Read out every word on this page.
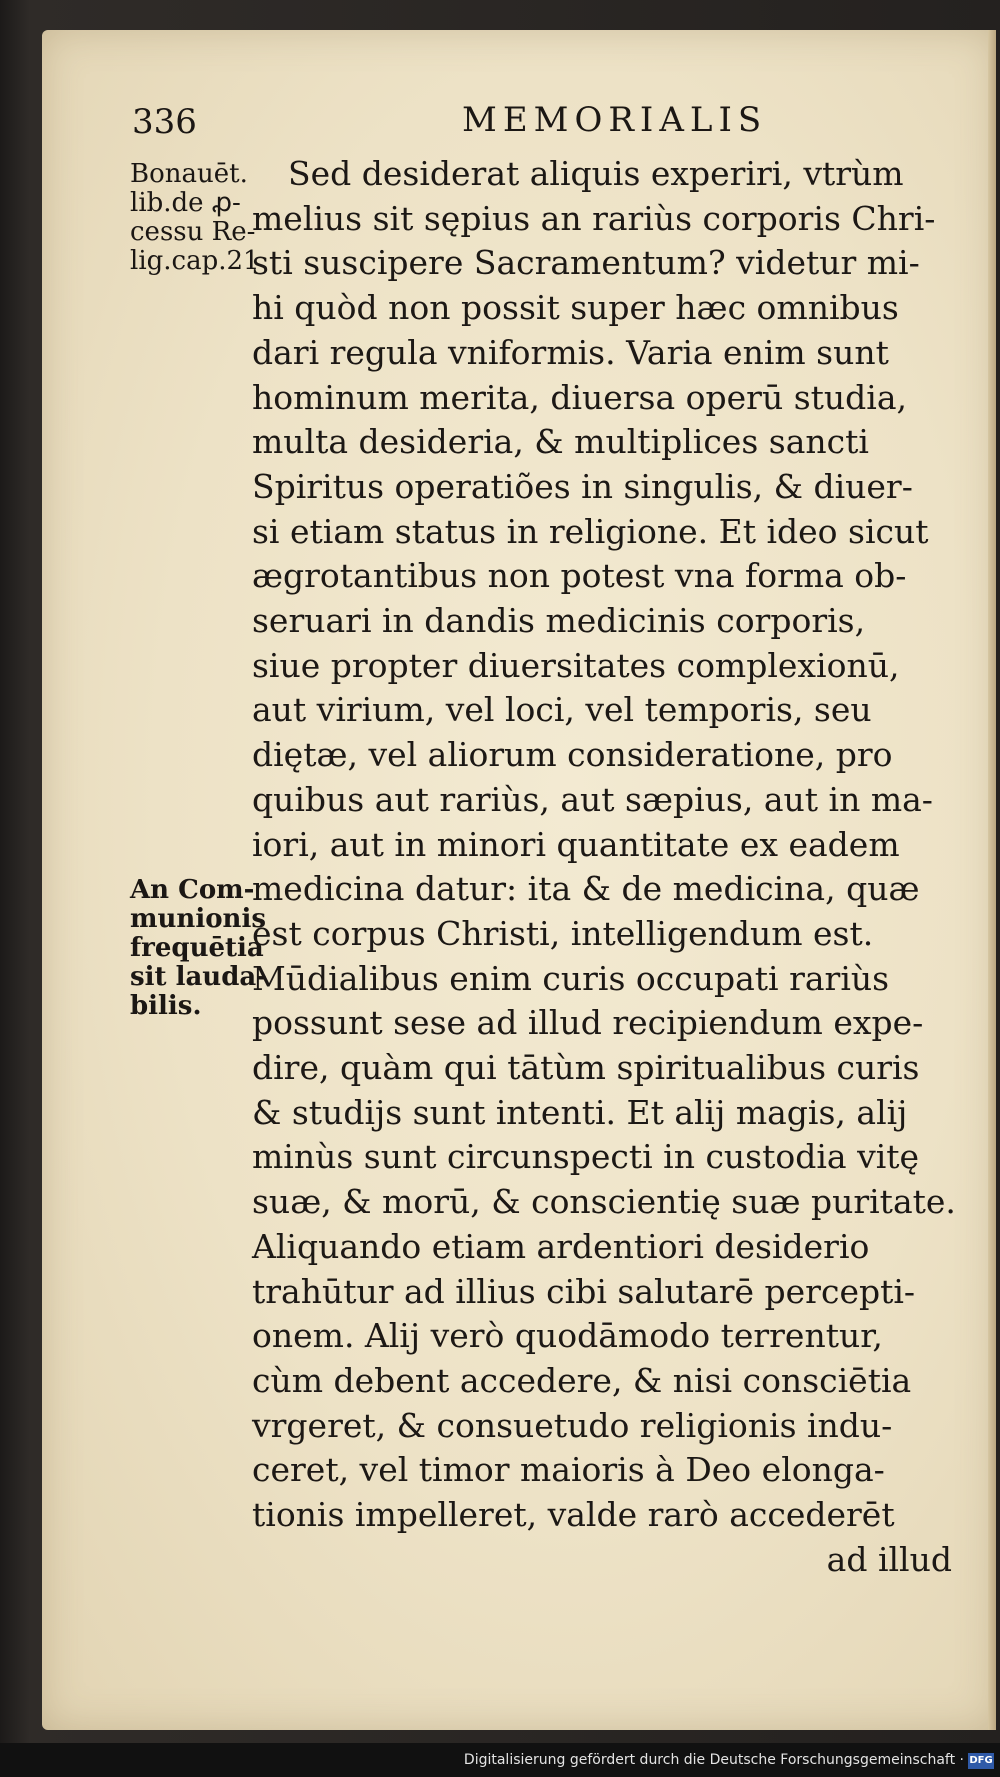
336	MEMORIALIS
Bonauēt.
lib.de ꝓ-
cessu Re-
lig.cap.21
An Com-
munionis
frequētia
sit lauda-
bilis.
Sed desiderat aliquis experiri, vtrùm
melius sit sępius an rariùs corporis Chri-
sti suscipere Sacramentum? videtur mi-
hi quòd non possit super hæc omnibus
dari regula vniformis. Varia enim sunt
hominum merita, diuersa operū studia,
multa desideria, & multiplices sancti
Spiritus operatiões in singulis, & diuer-
si etiam status in religione. Et ideo sicut
ægrotantibus non potest vna forma ob-
seruari in dandis medicinis corporis,
siue propter diuersitates complexionū,
aut virium, vel loci, vel temporis, seu
diętæ, vel aliorum consideratione, pro
quibus aut rariùs, aut sæpius, aut in ma-
iori, aut in minori quantitate ex eadem
medicina datur: ita & de medicina, quæ
est corpus Christi, intelligendum est.
Mūdialibus enim curis occupati rariùs
possunt sese ad illud recipiendum expe-
dire, quàm qui tātùm spiritualibus curis
& studijs sunt intenti. Et alij magis, alij
minùs sunt circunspecti in custodia vitę
suæ, & morū, & conscientię suæ puritate.
Aliquando etiam ardentiori desiderio
trahūtur ad illius cibi salutarē percepti-
onem. Alij verò quodāmodo terrentur,
cùm debent accedere, & nisi consciētia
vrgeret, & consuetudo religionis indu-
ceret, vel timor maioris à Deo elonga-
tionis impelleret, valde rarò accederēt
ad illud
Digitalisierung gefördert durch die Deutsche Forschungsgemeinschaft · DFG
